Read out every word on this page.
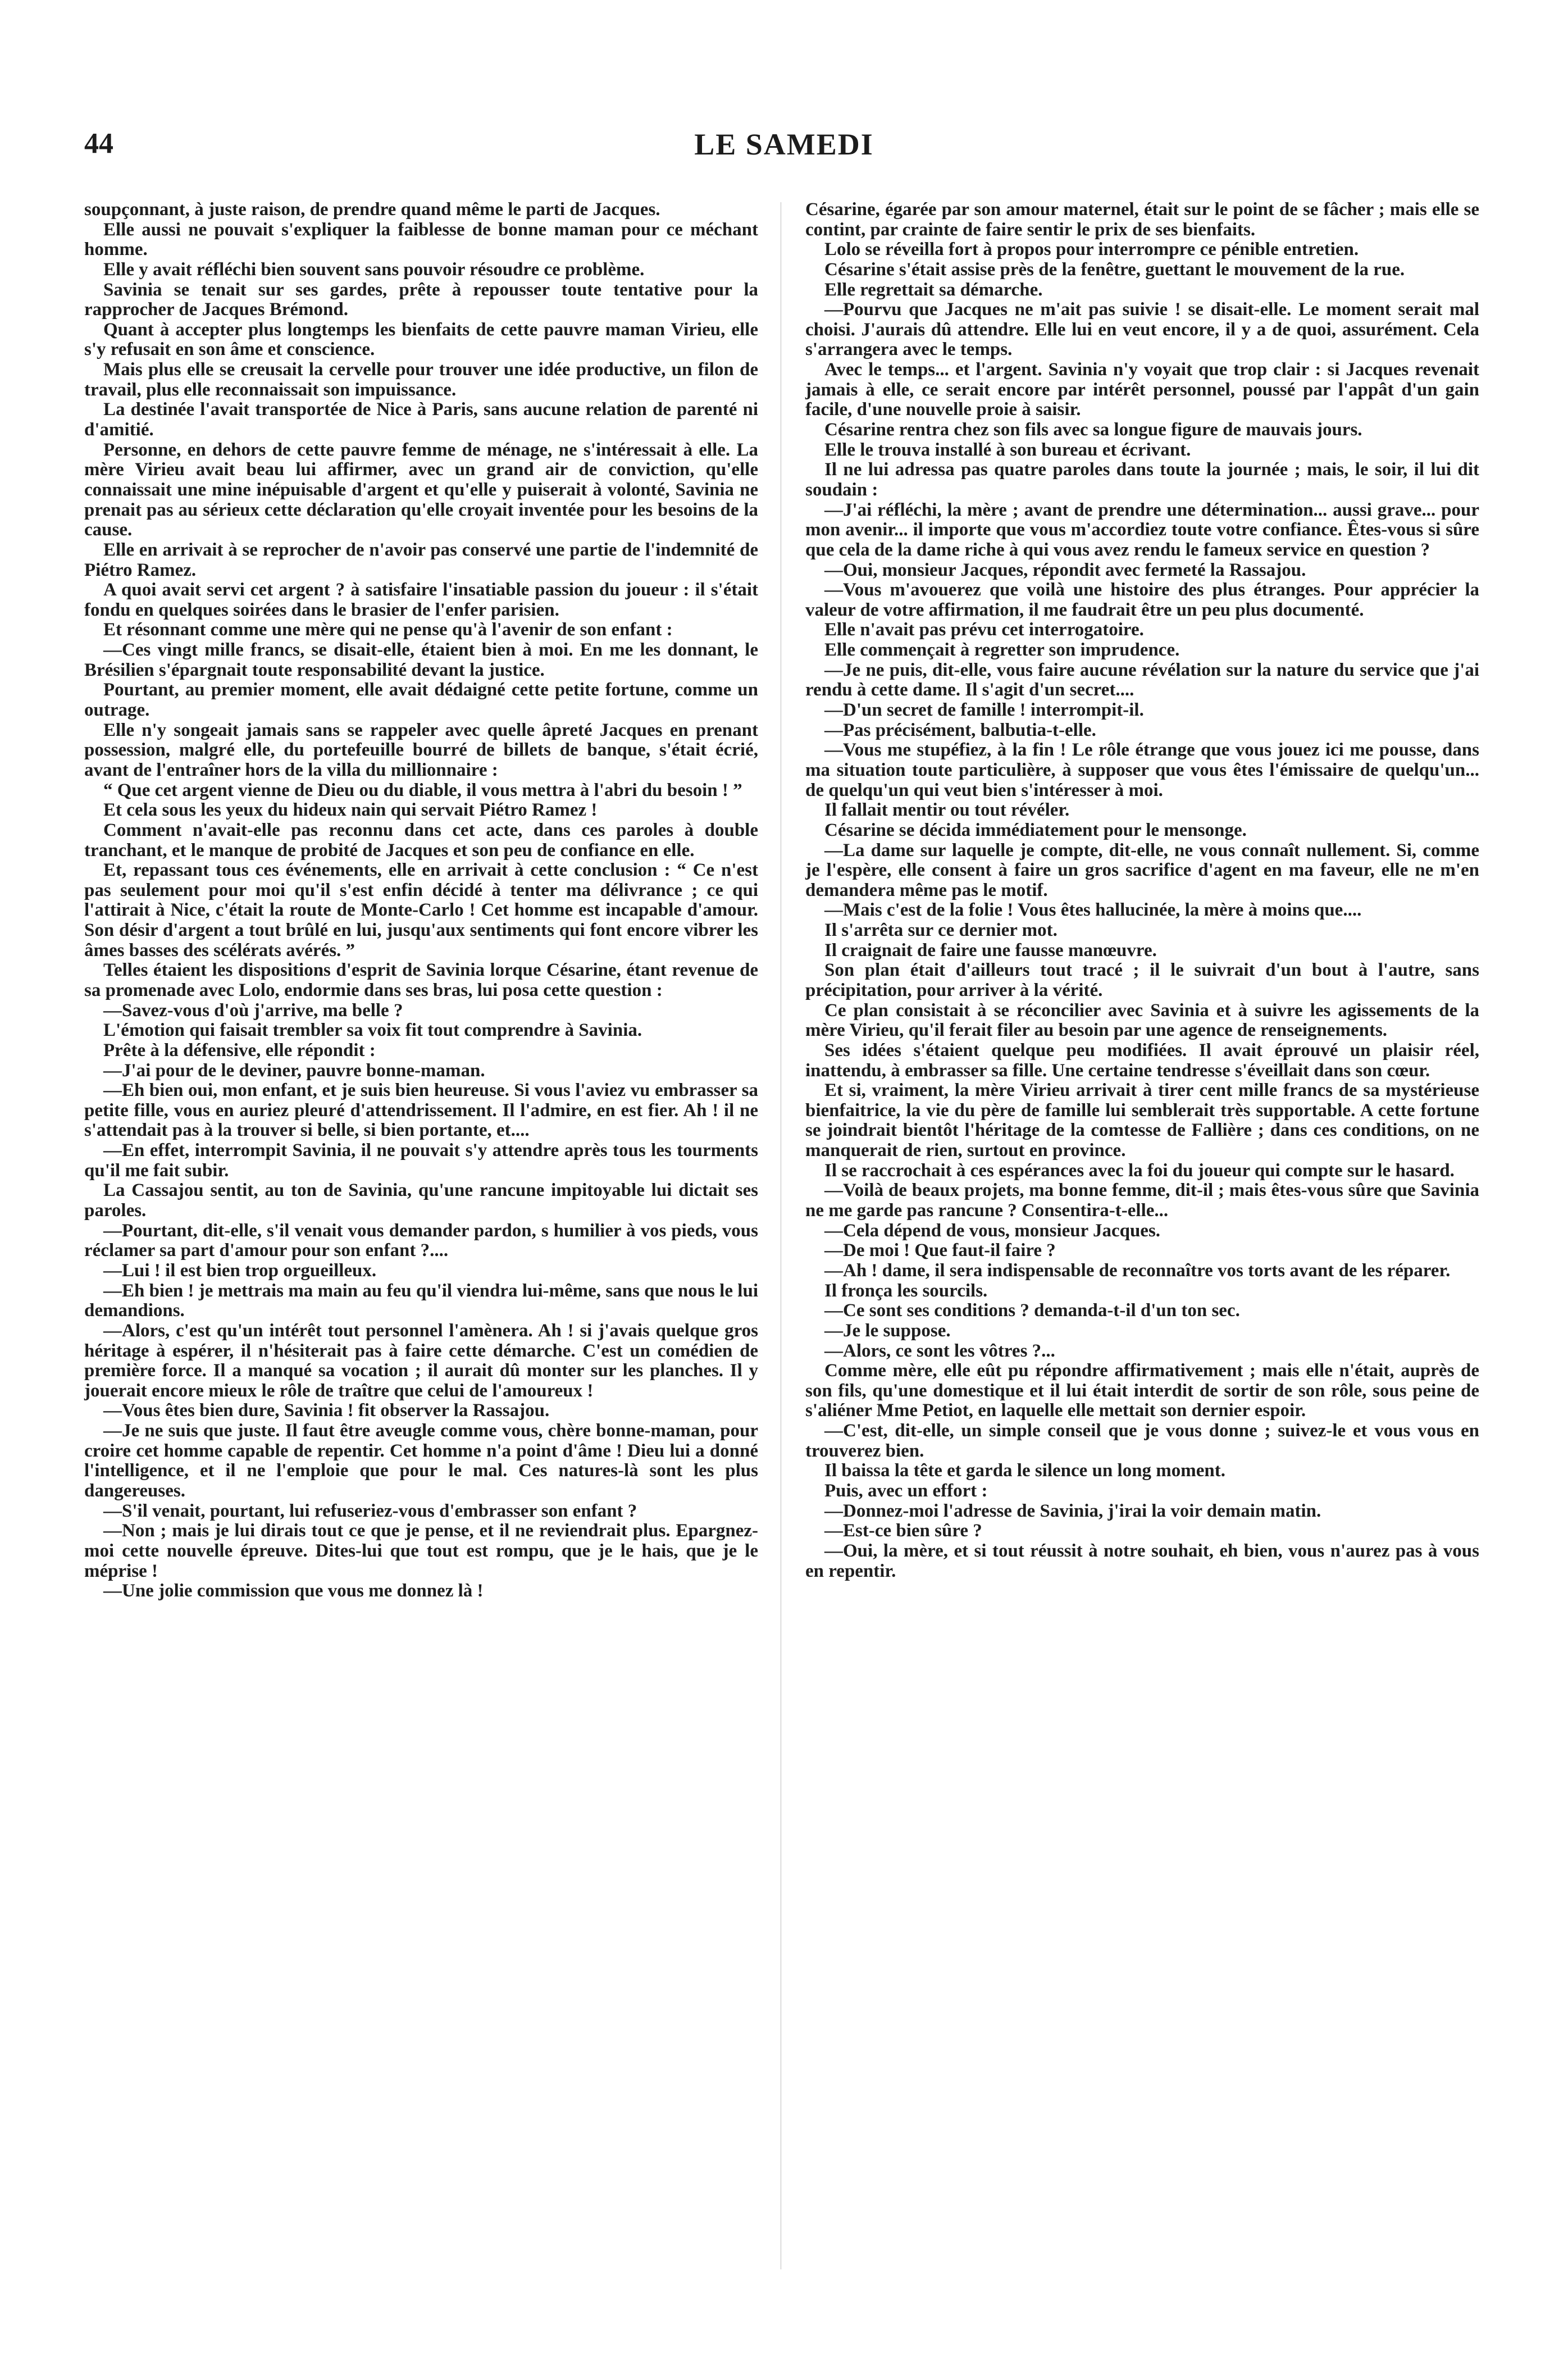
44	LE SAMEDI

soupçonnant, à juste raison, de prendre quand même le parti de Jacques.

Elle aussi ne pouvait s'expliquer la faiblesse de bonne maman pour ce méchant homme.

Elle y avait réfléchi bien souvent sans pouvoir résoudre ce problème.

Savinia se tenait sur ses gardes, prête à repousser toute tentative pour la rapprocher de Jacques Brémond.

Quant à accepter plus longtemps les bienfaits de cette pauvre maman Virieu, elle s'y refusait en son âme et conscience.

Mais plus elle se creusait la cervelle pour trouver une idée productive, un filon de travail, plus elle reconnaissait son impuissance.

La destinée l'avait transportée de Nice à Paris, sans aucune relation de parenté ni d'amitié.

Personne, en dehors de cette pauvre femme de ménage, ne s'intéressait à elle. La mère Virieu avait beau lui affirmer, avec un grand air de conviction, qu'elle connaissait une mine inépuisable d'argent et qu'elle y puiserait à volonté, Savinia ne prenait pas au sérieux cette déclaration qu'elle croyait inventée pour les besoins de la cause.

Elle en arrivait à se reprocher de n'avoir pas conservé une partie de l'indemnité de Piétro Ramez.

A quoi avait servi cet argent ? à satisfaire l'insatiable passion du joueur : il s'était fondu en quelques soirées dans le brasier de l'enfer parisien.

Et résonnant comme une mère qui ne pense qu'à l'avenir de son enfant :

—Ces vingt mille francs, se disait-elle, étaient bien à moi. En me les donnant, le Brésilien s'épargnait toute responsabilité devant la justice.

Pourtant, au premier moment, elle avait dédaigné cette petite fortune, comme un outrage.

Elle n'y songeait jamais sans se rappeler avec quelle âpreté Jacques en prenant possession, malgré elle, du portefeuille bourré de billets de banque, s'était écrié, avant de l'entraîner hors de la villa du millionnaire :

“ Que cet argent vienne de Dieu ou du diable, il vous mettra à l'abri du besoin ! ”

Et cela sous les yeux du hideux nain qui servait Piétro Ramez !

Comment n'avait-elle pas reconnu dans cet acte, dans ces paroles à double tranchant, et le manque de probité de Jacques et son peu de confiance en elle.

Et, repassant tous ces événements, elle en arrivait à cette conclusion : “ Ce n'est pas seulement pour moi qu'il s'est enfin décidé à tenter ma délivrance ; ce qui l'attirait à Nice, c'était la route de Monte-Carlo ! Cet homme est incapable d'amour. Son désir d'argent a tout brûlé en lui, jusqu'aux sentiments qui font encore vibrer les âmes basses des scélérats avérés. ”

Telles étaient les dispositions d'esprit de Savinia lorque Césarine, étant revenue de sa promenade avec Lolo, endormie dans ses bras, lui posa cette question :

—Savez-vous d'où j'arrive, ma belle ?

L'émotion qui faisait trembler sa voix fit tout comprendre à Savinia.

Prête à la défensive, elle répondit :

—J'ai pour de le deviner, pauvre bonne-maman.

—Eh bien oui, mon enfant, et je suis bien heureuse. Si vous l'aviez vu embrasser sa petite fille, vous en auriez pleuré d'attendrissement. Il l'admire, en est fier. Ah ! il ne s'attendait pas à la trouver si belle, si bien portante, et....

—En effet, interrompit Savinia, il ne pouvait s'y attendre après tous les tourments qu'il me fait subir.

La Cassajou sentit, au ton de Savinia, qu'une rancune impitoyable lui dictait ses paroles.

—Pourtant, dit-elle, s'il venait vous demander pardon, s humilier à vos pieds, vous réclamer sa part d'amour pour son enfant ?....

—Lui ! il est bien trop orgueilleux.

—Eh bien ! je mettrais ma main au feu qu'il viendra lui-même, sans que nous le lui demandions.

—Alors, c'est qu'un intérêt tout personnel l'amènera. Ah ! si j'avais quelque gros héritage à espérer, il n'hésiterait pas à faire cette démarche. C'est un comédien de première force. Il a manqué sa vocation ; il aurait dû monter sur les planches. Il y jouerait encore mieux le rôle de traître que celui de l'amoureux !

—Vous êtes bien dure, Savinia ! fit observer la Rassajou.

—Je ne suis que juste. Il faut être aveugle comme vous, chère bonne-maman, pour croire cet homme capable de repentir. Cet homme n'a point d'âme ! Dieu lui a donné l'intelligence, et il ne l'emploie que pour le mal. Ces natures-là sont les plus dangereuses.

—S'il venait, pourtant, lui refuseriez-vous d'embrasser son enfant ?

—Non ; mais je lui dirais tout ce que je pense, et il ne reviendrait plus. Epargnez-moi cette nouvelle épreuve. Dites-lui que tout est rompu, que je le hais, que je le méprise !

—Une jolie commission que vous me donnez là !

Césarine, égarée par son amour maternel, était sur le point de se fâcher ; mais elle se contint, par crainte de faire sentir le prix de ses bienfaits.

Lolo se réveilla fort à propos pour interrompre ce pénible entretien.

Césarine s'était assise près de la fenêtre, guettant le mouvement de la rue.

Elle regrettait sa démarche.

—Pourvu que Jacques ne m'ait pas suivie ! se disait-elle. Le moment serait mal choisi. J'aurais dû attendre. Elle lui en veut encore, il y a de quoi, assurément. Cela s'arrangera avec le temps.

Avec le temps... et l'argent. Savinia n'y voyait que trop clair : si Jacques revenait jamais à elle, ce serait encore par intérêt personnel, poussé par l'appât d'un gain facile, d'une nouvelle proie à saisir.

Césarine rentra chez son fils avec sa longue figure de mauvais jours.

Elle le trouva installé à son bureau et écrivant.

Il ne lui adressa pas quatre paroles dans toute la journée ; mais, le soir, il lui dit soudain :

—J'ai réfléchi, la mère ; avant de prendre une détermination... aussi grave... pour mon avenir... il importe que vous m'accordiez toute votre confiance. Êtes-vous si sûre que cela de la dame riche à qui vous avez rendu le fameux service en question ?

—Oui, monsieur Jacques, répondit avec fermeté la Rassajou.

—Vous m'avouerez que voilà une histoire des plus étranges. Pour apprécier la valeur de votre affirmation, il me faudrait être un peu plus documenté.

Elle n'avait pas prévu cet interrogatoire.

Elle commençait à regretter son imprudence.

—Je ne puis, dit-elle, vous faire aucune révélation sur la nature du service que j'ai rendu à cette dame. Il s'agit d'un secret....

—D'un secret de famille ! interrompit-il.

—Pas précisément, balbutia-t-elle.

—Vous me stupéfiez, à la fin ! Le rôle étrange que vous jouez ici me pousse, dans ma situation toute particulière, à supposer que vous êtes l'émissaire de quelqu'un... de quelqu'un qui veut bien s'intéresser à moi.

Il fallait mentir ou tout révéler.

Césarine se décida immédiatement pour le mensonge.

—La dame sur laquelle je compte, dit-elle, ne vous connaît nullement. Si, comme je l'espère, elle consent à faire un gros sacrifice d'agent en ma faveur, elle ne m'en demandera même pas le motif.

—Mais c'est de la folie ! Vous êtes hallucinée, la mère à moins que....

Il s'arrêta sur ce dernier mot.

Il craignait de faire une fausse manœuvre.

Son plan était d'ailleurs tout tracé ; il le suivrait d'un bout à l'autre, sans précipitation, pour arriver à la vérité.

Ce plan consistait à se réconcilier avec Savinia et à suivre les agissements de la mère Virieu, qu'il ferait filer au besoin par une agence de renseignements.

Ses idées s'étaient quelque peu modifiées. Il avait éprouvé un plaisir réel, inattendu, à embrasser sa fille. Une certaine tendresse s'éveillait dans son cœur.

Et si, vraiment, la mère Virieu arrivait à tirer cent mille francs de sa mystérieuse bienfaitrice, la vie du père de famille lui semblerait très supportable. A cette fortune se joindrait bientôt l'héritage de la comtesse de Fallière ; dans ces conditions, on ne manquerait de rien, surtout en province.

Il se raccrochait à ces espérances avec la foi du joueur qui compte sur le hasard.

—Voilà de beaux projets, ma bonne femme, dit-il ; mais êtes-vous sûre que Savinia ne me garde pas rancune ? Consentira-t-elle...

—Cela dépend de vous, monsieur Jacques.

—De moi ! Que faut-il faire ?

—Ah ! dame, il sera indispensable de reconnaître vos torts avant de les réparer.

Il fronça les sourcils.

—Ce sont ses conditions ? demanda-t-il d'un ton sec.

—Je le suppose.

—Alors, ce sont les vôtres ?...

Comme mère, elle eût pu répondre affirmativement ; mais elle n'était, auprès de son fils, qu'une domestique et il lui était interdit de sortir de son rôle, sous peine de s'aliéner Mme Petiot, en laquelle elle mettait son dernier espoir.

—C'est, dit-elle, un simple conseil que je vous donne ; suivez-le et vous vous en trouverez bien.

Il baissa la tête et garda le silence un long moment.

Puis, avec un effort :

—Donnez-moi l'adresse de Savinia, j'irai la voir demain matin.

—Est-ce bien sûre ?

—Oui, la mère, et si tout réussit à notre souhait, eh bien, vous n'aurez pas à vous en repentir.
